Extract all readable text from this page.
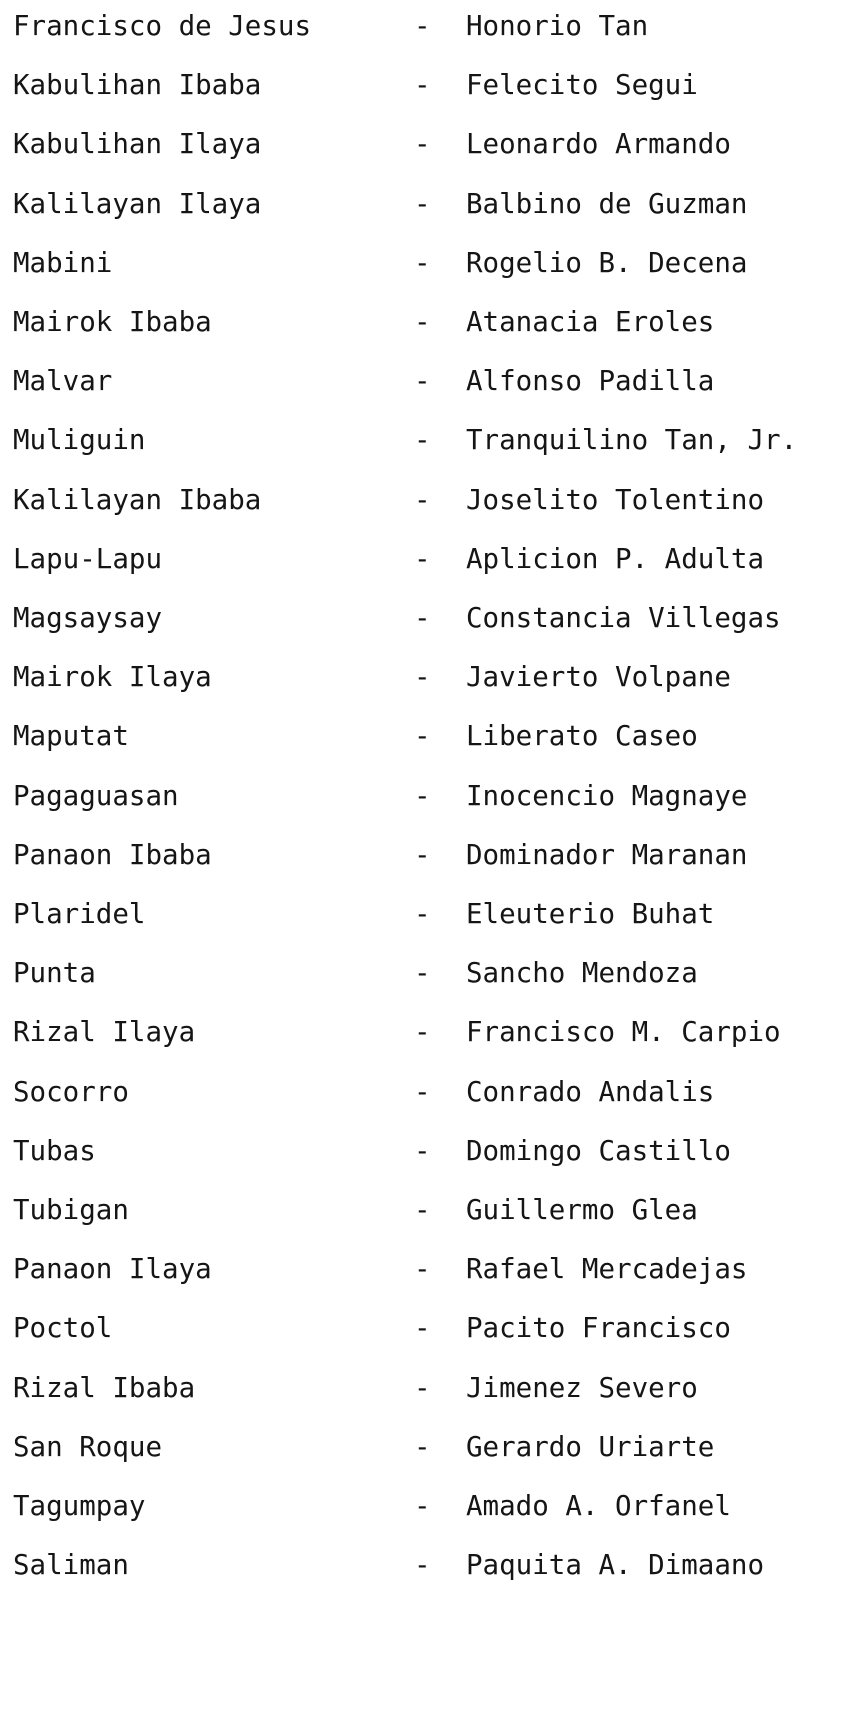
Francisco de Jesus	- Honorio Tan
Kabulihan Ibaba	- Felecito Segui
Kabulihan Ilaya	- Leonardo Armando
Kalilayan Ilaya	- Balbino de Guzman
Mabini	- Rogelio B. Decena
Mairok Ibaba	- Atanacia Eroles
Malvar	- Alfonso Padilla
Muliguin	- Tranquilino Tan, Jr.
Kalilayan Ibaba	- Joselito Tolentino
Lapu-Lapu	- Aplicion P. Adulta
Magsaysay	- Constancia Villegas
Mairok Ilaya	- Javierto Volpane
Maputat	- Liberato Caseo
Pagaguasan	- Inocencio Magnaye
Panaon Ibaba	- Dominador Maranan
Plaridel	- Eleuterio Buhat
Punta	- Sancho Mendoza
Rizal Ilaya	- Francisco M. Carpio
Socorro	- Conrado Andalis
Tubas	- Domingo Castillo
Tubigan	- Guillermo Glea
Panaon Ilaya	- Rafael Mercadejas
Poctol	- Pacito Francisco
Rizal Ibaba	- Jimenez Severo
San Roque	- Gerardo Uriarte
Tagumpay	- Amado A. Orfanel
Saliman	- Paquita A. Dimaano
